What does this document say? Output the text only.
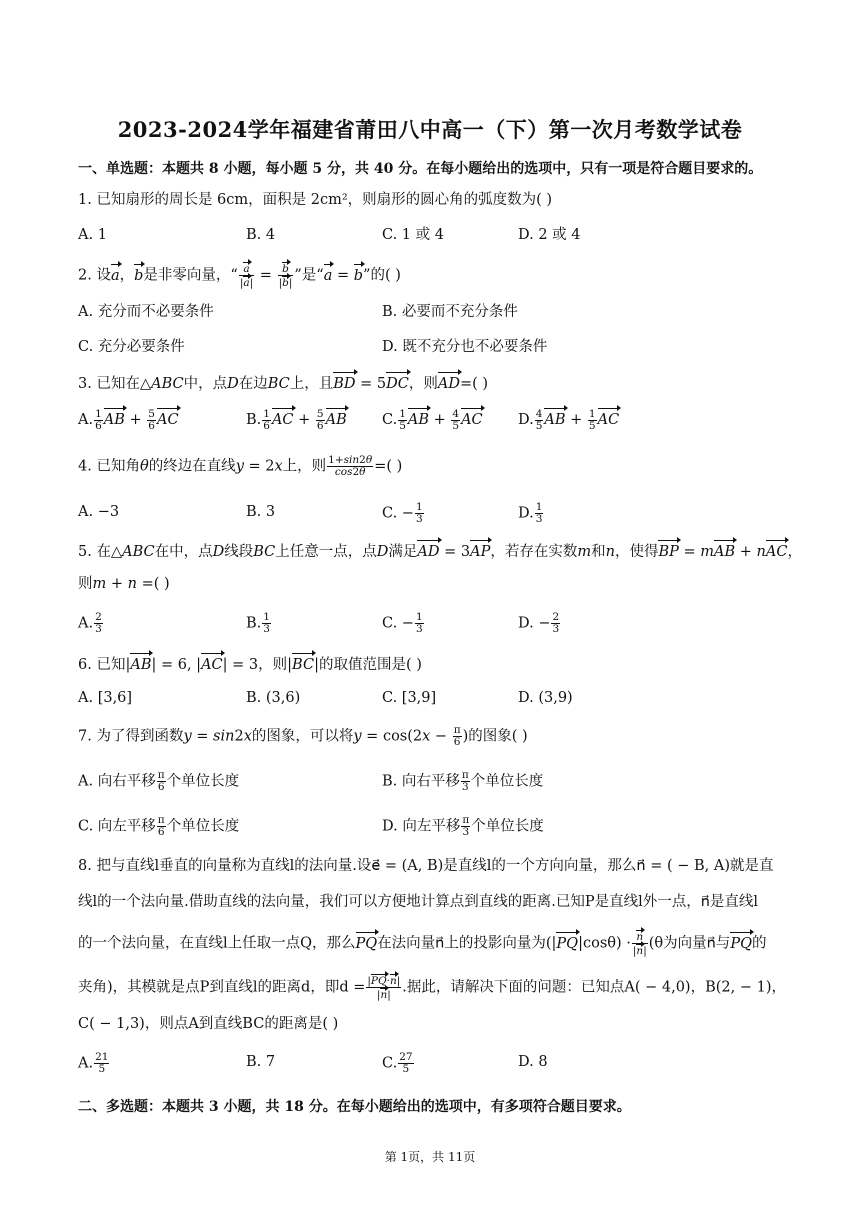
2023-2024学年福建省莆田八中高一（下）第一次月考数学试卷
一、单选题：本题共 8 小题，每小题 5 分，共 40 分。在每小题给出的选项中，只有一项是符合题目要求的。
1. 已知扇形的周长是 6cm，面积是 2cm²，则扇形的圆心角的弧度数为( )
A. 1	B. 4	C. 1 或 4	D. 2 或 4
2. 设a，b是非零向量，“ $\frac{a}{|a|} = \frac{b}{|b|}$ ”是“a = b”的( )
A. 充分而不必要条件	B. 必要而不充分条件
C. 充分必要条件	D. 既不充分也不必要条件
3. 已知在△ABC中，点D在边BC上，且BD = 5DC，则AD=( )
A. $\frac{1}{6}$ AB + $\frac{5}{6}$ AC	B. $\frac{1}{6}$ AC + $\frac{5}{6}$ AB C. $\frac{1}{5}$ AB + $\frac{4}{5}$ AC D. $\frac{4}{5}$ AB + $\frac{1}{5}$ AC
4. 已知角θ的终边在直线y = 2x上，则 $\frac{1+\sin 2\theta}{\cos 2\theta}$ =( )
A. −3	B. 3	C. − $\frac{1}{3}$	D. $\frac{1}{3}$
5. 在△ABC在中，点D线段BC上任意一点，点D满足AD = 3AP，若存在实数m和n，使得BP = mAB + nAC，
则m + n =( )
A. $\frac{2}{3}$	B. $\frac{1}{3}$	C. − $\frac{1}{3}$	D. − $\frac{2}{3}$
6. 已知|AB| = 6, |AC| = 3，则|BC|的取值范围是( )
A. [3,6]	B. (3,6)	C. [3,9]	D. (3,9)
7. 为了得到函数y = sin2x的图象，可以将$y = \cos(2x - \frac{\pi}{6}$ )的图象( )
A. 向右平移 $\frac{\pi}{6}$ 个单位长度	B. 向右平移 $\frac{\pi}{3}$ 个单位长度
C. 向左平移 $\frac{\pi}{6}$ 个单位长度	D. 向左平移 $\frac{\pi}{3}$ 个单位长度
8. 把与直线l垂直的向量称为直线l的法向量.设e⃗ = (A, B)是直线l的一个方向向量，那么n⃗ = ( − B, A)就是直
线l的一个法向量.借助直线的法向量，我们可以方便地计算点到直线的距离.已知P是直线l外一点，n⃗是直线l
的一个法向量，在直线l上任取一点Q，那么PQ在法向量n⃗上的投影向量为$(|PQ|\cos\theta) \cdot \frac{n}{|n|} (\theta$为向量n⃗与PQ的
夹角)，其模就是点P到直线l的距离d，即$d = \frac{|PQ\cdot n|}{|n|}$ .据此，请解决下面的问题：已知点A( − 4,0)，B(2, − 1)，
C( − 1,3)，则点A到直线BC的距离是( )
A. $\frac{21}{5}$	B. 7	C. $\frac{27}{5}$	D. 8
二、多选题：本题共 3 小题，共 18 分。在每小题给出的选项中，有多项符合题目要求。
第 1页，共 11页
